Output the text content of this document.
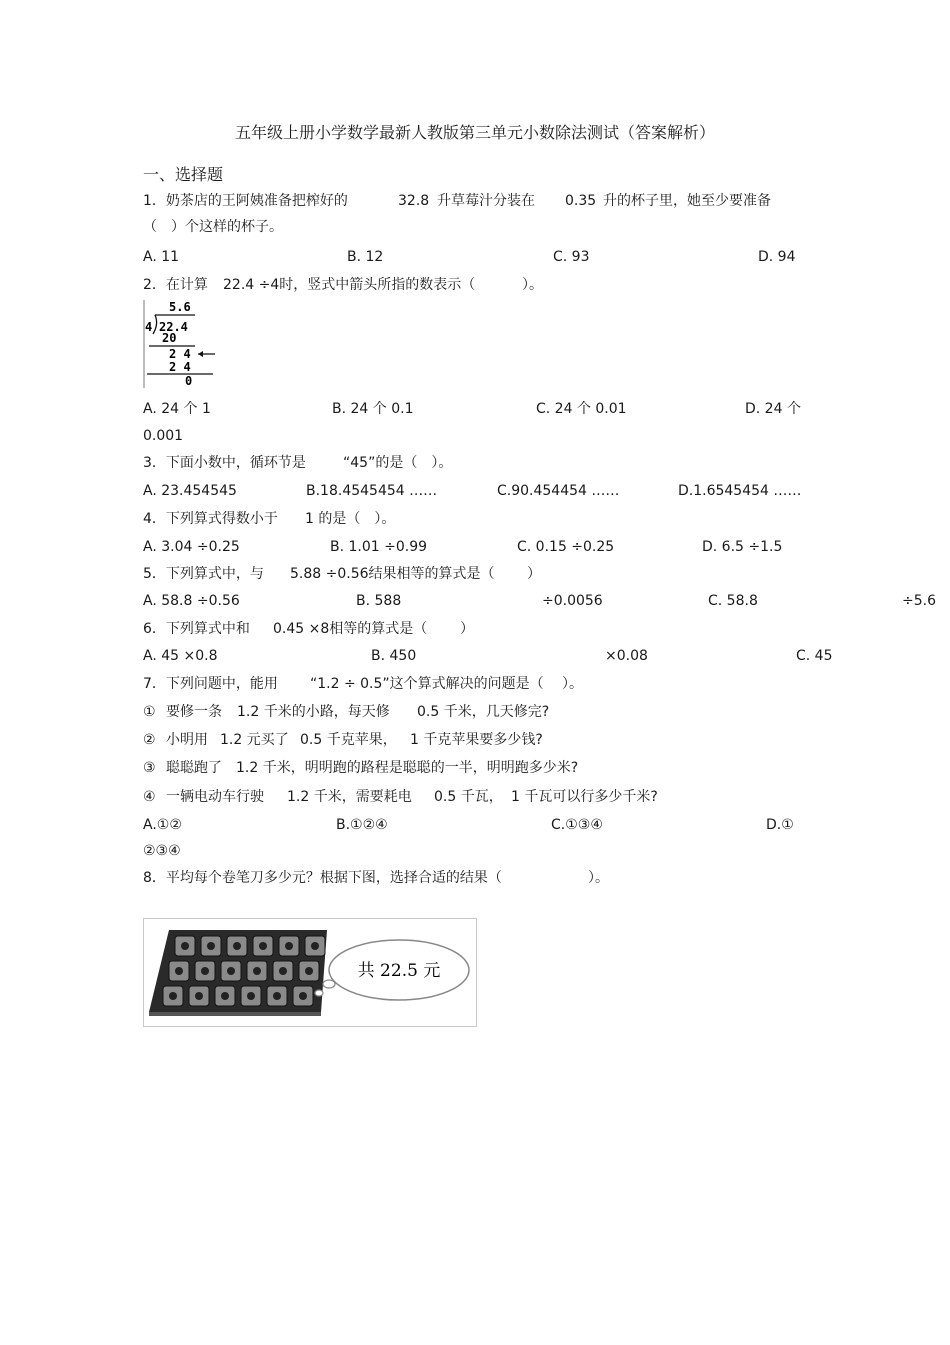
五年级上册小学数学最新人教版第三单元小数除法测试（答案解析）
一、选择题
1．奶茶店的王阿姨准备把榨好的	32.8 升草莓汁分装在 0.35 升的杯子里，她至少要准备
（　）个这样的杯子。
A. 11	B. 12	C. 93	D. 94
2．在计算 22.4 ÷4时，竖式中箭头所指的数表示（	）。
5.6
4 22.4
20
2 4
2 4
0
A. 24 个 1	B. 24 个 0.1	C. 24 个 0.01	D. 24 个
0.001
3．下面小数中，循环节是	“45”的是（　）。
A. 23.454545	B.18.4545454 ……	C.90.454454 ……	D.1.6545454 ……
4．下列算式得数小于 1 的是（　）。
A. 3.04 ÷0.25	B. 1.01 ÷0.99	C. 0.15 ÷0.25	D. 6.5 ÷1.5
5．下列算式中，与 5.88 ÷0.56结果相等的算式是（ ）
A. 58.8 ÷0.56	B. 588	÷0.0056	C. 58.8	÷5.6
6．下列算式中和 0.45 ×8相等的算式是（ ）
A. 45 ×0.8	B. 450	×0.08	C. 45
7．下列问题中，能用 “1.2 ÷ 0.5”这个算式解决的问题是（ ）。
① 要修一条 1.2 千米的小路，每天修 0.5 千米，几天修完?
② 小明用 1.2 元买了 0.5 千克苹果， 1 千克苹果要多少钱?
③ 聪聪跑了 1.2 千米，明明跑的路程是聪聪的一半，明明跑多少米?
④ 一辆电动车行驶 1.2 千米，需要耗电 0.5 千瓦， 1 千瓦可以行多少千米?
A.①②	B.①②④	C.①③④	D.①
②③④
8．平均每个卷笔刀多少元？根据下图，选择合适的结果（	）。
共 22.5 元
